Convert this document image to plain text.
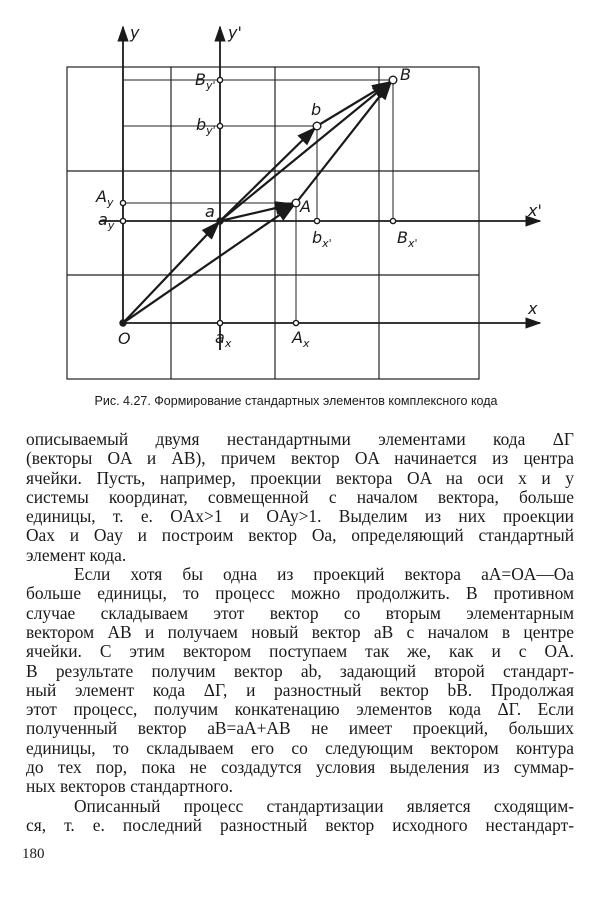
y	y'
x
x'
O
a	A
b
B
$a_x$	$A_x$
$b_{x'}$	$B_{x'}$
$A_y$
$a_y$
$B_{y'}$
$b_{y'}$
Рис. 4.27. Формирование стандартных элементов комплексного кода

описываемый двумя нестандартными элементами кода ΔГ

(векторы OA и AB), причем вектор OA начинается из центра

ячейки. Пусть, например, проекции вектора OA на оси x и y

системы координат, совмещенной с началом вектора, больше

единицы, т. е. OAx>1 и OAy>1. Выделим из них проекции

Oax и Oay и построим вектор Oa, определяющий стандартный

элемент кода.

Если хотя бы одна из проекций вектора aA=OA—Oa

больше единицы, то процесс можно продолжить. В противном

случае складываем этот вектор со вторым элементарным

вектором AB и получаем новый вектор aB с началом в центре

ячейки. С этим вектором поступаем так же, как и с OA.

В результате получим вектор ab, задающий второй стандарт-

ный элемент кода ΔГ, и разностный вектор bB. Продолжая

этот процесс, получим конкатенацию элементов кода ΔГ. Если

полученный вектор aB=aA+AB не имеет проекций, больших

единицы, то складываем его со следующим вектором контура

до тех пор, пока не создадутся условия выделения из суммар-

ных векторов стандартного.

Описанный процесс стандартизации является сходящим-

ся, т. е. последний разностный вектор исходного нестандарт-

180
